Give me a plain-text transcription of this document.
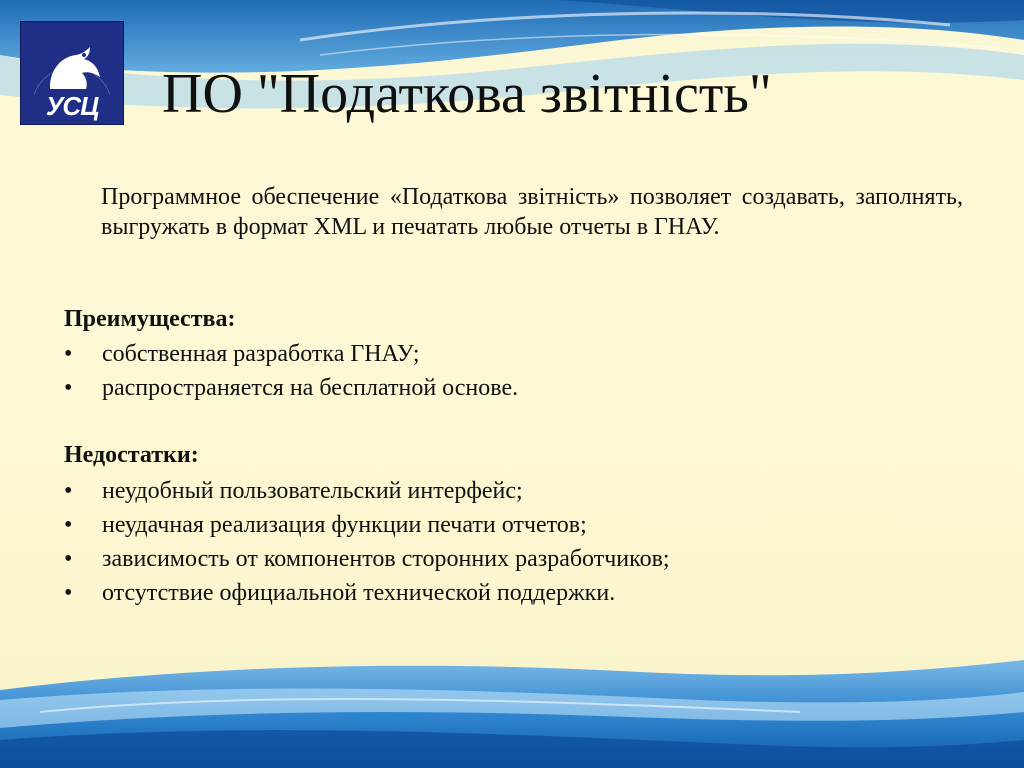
УСЦ	ПО "Податкова звітність"

Программное обеспечение «Податкова звітність» позволяет создавать, заполнять, выгружать в формат XML и печатать любые отчеты в ГНАУ.

Преимущества:
• собственная разработка ГНАУ;
• распространяется на бесплатной основе.
Недостатки:
• неудобный пользовательский интерфейс;
• неудачная реализация функции печати отчетов;
• зависимость от компонентов сторонних разработчиков;
• отсутствие официальной технической поддержки.
